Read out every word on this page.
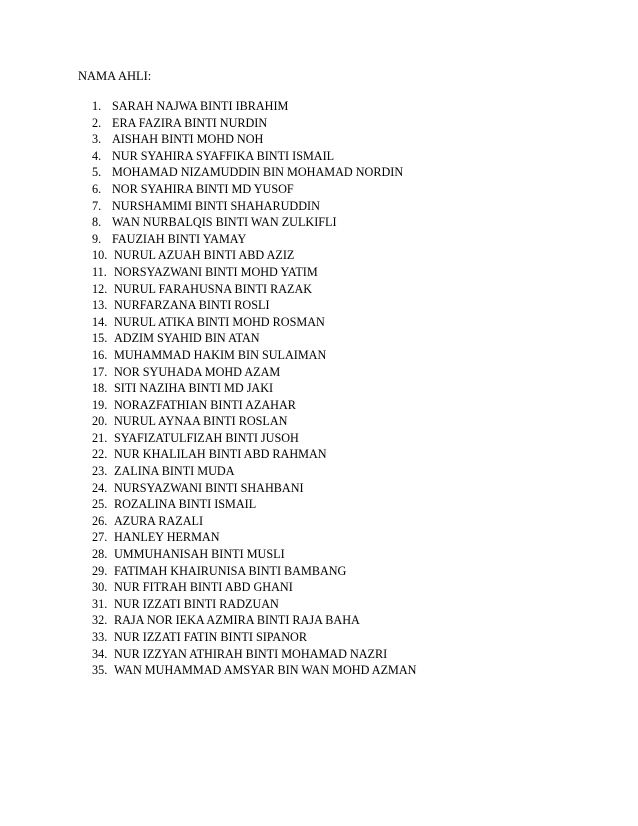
NAMA AHLI:
1. SARAH NAJWA BINTI IBRAHIM
2. ERA FAZIRA BINTI NURDIN
3. AISHAH BINTI MOHD NOH
4. NUR SYAHIRA SYAFFIKA BINTI ISMAIL
5. MOHAMAD NIZAMUDDIN BIN MOHAMAD NORDIN
6. NOR SYAHIRA BINTI MD YUSOF
7. NURSHAMIMI BINTI SHAHARUDDIN
8. WAN NURBALQIS BINTI WAN ZULKIFLI
9. FAUZIAH BINTI YAMAY
10. NURUL AZUAH BINTI ABD AZIZ
11. NORSYAZWANI BINTI MOHD YATIM
12. NURUL FARAHUSNA BINTI RAZAK
13. NURFARZANA BINTI ROSLI
14. NURUL ATIKA BINTI MOHD ROSMAN
15. ADZIM SYAHID BIN ATAN
16. MUHAMMAD HAKIM BIN SULAIMAN
17. NOR SYUHADA MOHD AZAM
18. SITI NAZIHA BINTI MD JAKI
19. NORAZFATHIAN BINTI AZAHAR
20. NURUL AYNAA BINTI ROSLAN
21. SYAFIZATULFIZAH BINTI JUSOH
22. NUR KHALILAH BINTI ABD RAHMAN
23. ZALINA BINTI MUDA
24. NURSYAZWANI BINTI SHAHBANI
25. ROZALINA BINTI ISMAIL
26. AZURA RAZALI
27. HANLEY HERMAN
28. UMMUHANISAH BINTI MUSLI
29. FATIMAH KHAIRUNISA BINTI BAMBANG
30. NUR FITRAH BINTI ABD GHANI
31. NUR IZZATI BINTI RADZUAN
32. RAJA NOR IEKA AZMIRA BINTI RAJA BAHA
33. NUR IZZATI FATIN BINTI SIPANOR
34. NUR IZZYAN ATHIRAH BINTI MOHAMAD NAZRI
35. WAN MUHAMMAD AMSYAR BIN WAN MOHD AZMAN
